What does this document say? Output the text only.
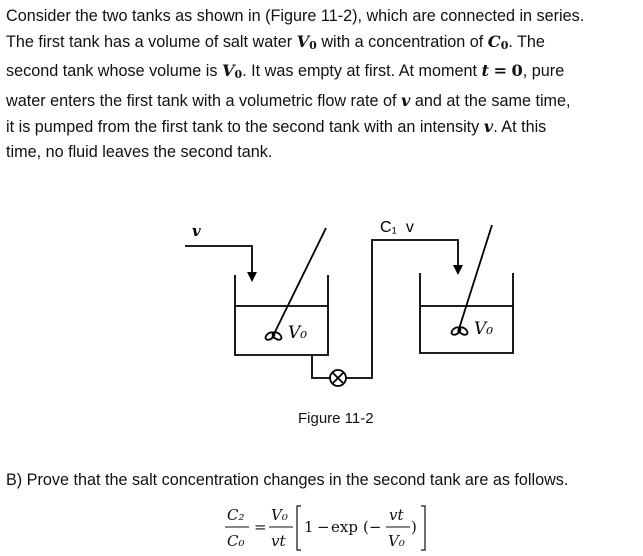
Consider the two tanks as shown in (Figure 11-2), which are connected in series.
The first tank has a volume of salt water $V_0$ with a concentration of $C_0$. The
second tank whose volume is $V_0$. It was empty at first. At moment t = 0, pure
water enters the first tank with a volumetric flow rate of v and at the same time,
it is pumped from the first tank to the second tank with an intensity v. At this
time, no fluid leaves the second tank.
v	C₁  v
V₀	V₀
Figure 11-2
B) Prove that the salt concentration changes in the second tank are as follows.
C₂
C₀
=
V₀
vt
1 − exp (−
vt
V₀
)
